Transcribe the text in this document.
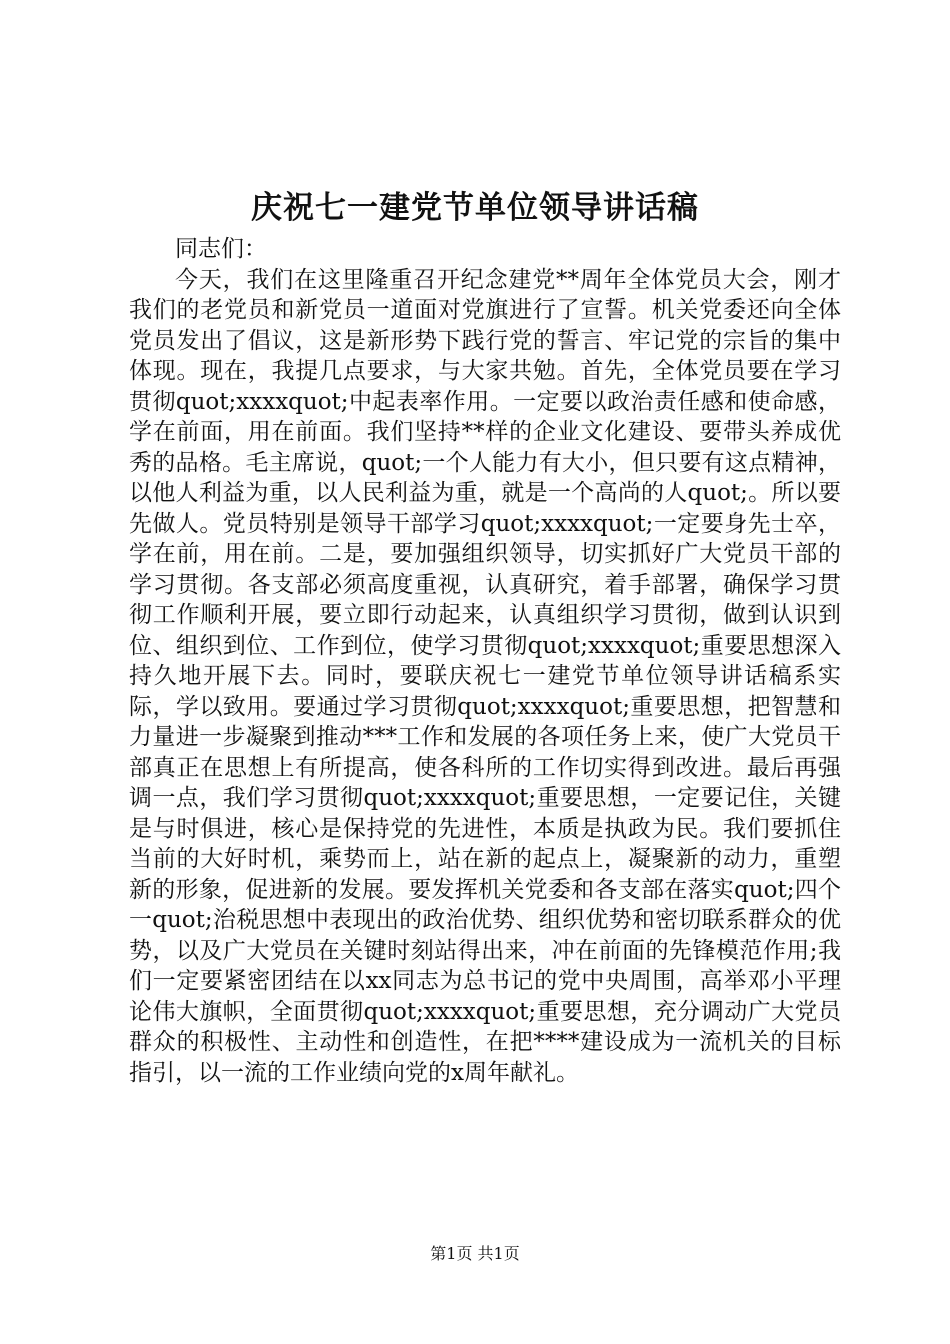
庆祝七一建党节单位领导讲话稿

同志们：

今天，我们在这里隆重召开纪念建党**周年全体党员大会，刚才我们的老党员和新党员一道面对党旗进行了宣誓。机关党委还向全体党员发出了倡议，这是新形势下践行党的誓言、牢记党的宗旨的集中体现。现在，我提几点要求，与大家共勉。首先，全体党员要在学习贯彻quot;xxxxquot;中起表率作用。一定要以政治责任感和使命感，学在前面，用在前面。我们坚持**样的企业文化建设、要带头养成优秀的品格。毛主席说，quot;一个人能力有大小，但只要有这点精神，以他人利益为重，以人民利益为重，就是一个高尚的人quot;。所以要先做人。党员特别是领导干部学习quot;xxxxquot;一定要身先士卒，学在前，用在前。二是，要加强组织领导，切实抓好广大党员干部的学习贯彻。各支部必须高度重视，认真研究，着手部署，确保学习贯彻工作顺利开展，要立即行动起来，认真组织学习贯彻，做到认识到位、组织到位、工作到位，使学习贯彻quot;xxxxquot;重要思想深入持久地开展下去。同时，要联庆祝七一建党节单位领导讲话稿系实际，学以致用。要通过学习贯彻quot;xxxxquot;重要思想，把智慧和力量进一步凝聚到推动***工作和发展的各项任务上来，使广大党员干部真正在思想上有所提高，使各科所的工作切实得到改进。最后再强调一点，我们学习贯彻quot;xxxxquot;重要思想，一定要记住，关键是与时俱进，核心是保持党的先进性，本质是执政为民。我们要抓住当前的大好时机，乘势而上，站在新的起点上，凝聚新的动力，重塑新的形象，促进新的发展。要发挥机关党委和各支部在落实quot;四个一quot;治税思想中表现出的政治优势、组织优势和密切联系群众的优势，以及广大党员在关键时刻站得出来，冲在前面的先锋模范作用;我们一定要紧密团结在以xx同志为总书记的党中央周围，高举邓小平理论伟大旗帜，全面贯彻quot;xxxxquot;重要思想，充分调动广大党员群众的积极性、主动性和创造性，在把****建设成为一流机关的目标指引，以一流的工作业绩向党的x周年献礼。

第1页 共1页
